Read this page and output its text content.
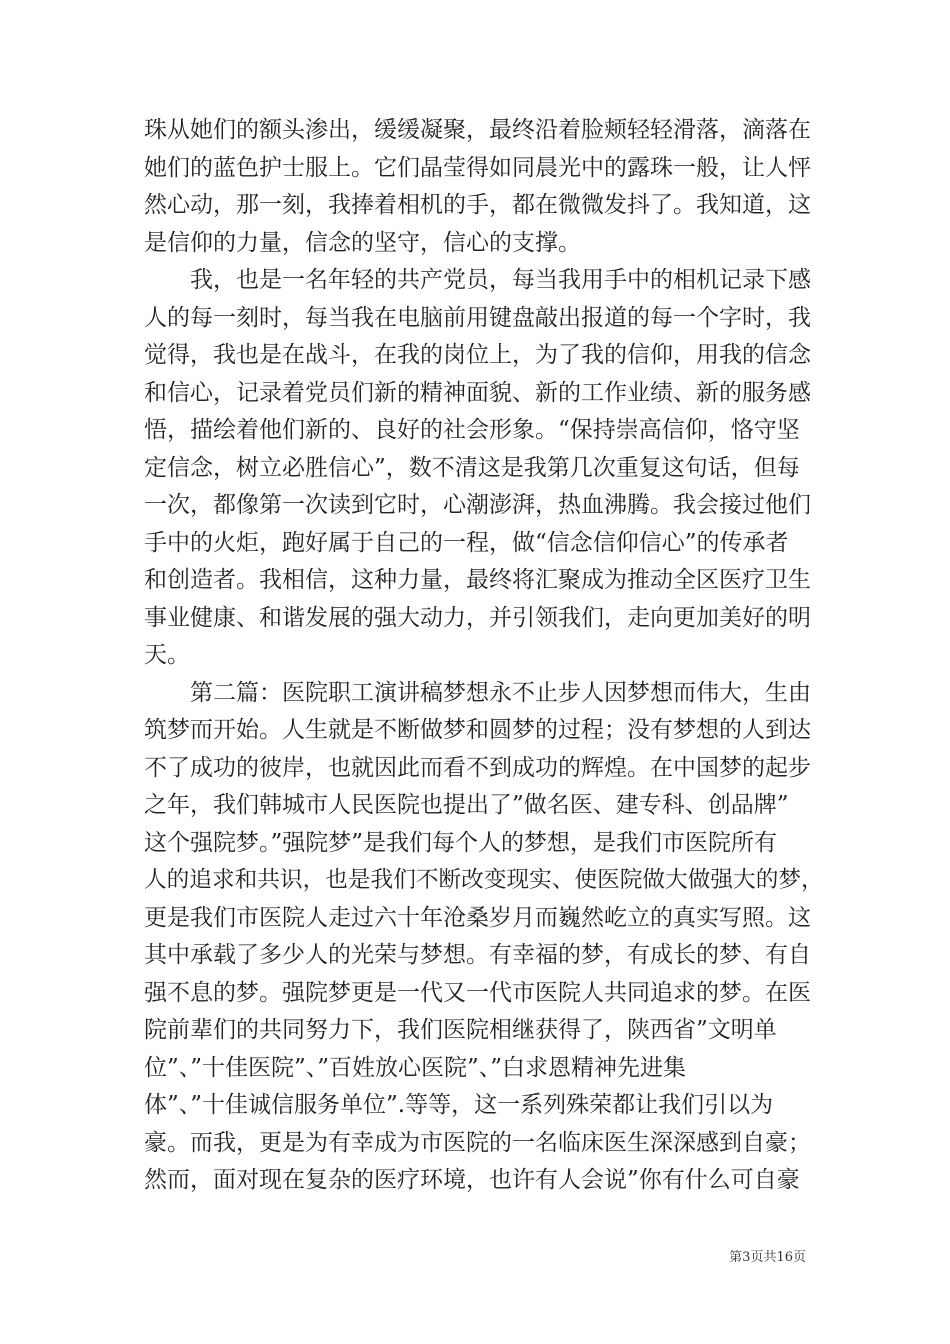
珠从她们的额头渗出，缓缓凝聚，最终沿着脸颊轻轻滑落，滴落在
她们的蓝色护士服上。它们晶莹得如同晨光中的露珠一般，让人怦
然心动，那一刻，我捧着相机的手，都在微微发抖了。我知道，这
是信仰的力量，信念的坚守，信心的支撑。
　　我，也是一名年轻的共产党员，每当我用手中的相机记录下感
人的每一刻时，每当我在电脑前用键盘敲出报道的每一个字时，我
觉得，我也是在战斗，在我的岗位上，为了我的信仰，用我的信念
和信心，记录着党员们新的精神面貌、新的工作业绩、新的服务感
悟，描绘着他们新的、良好的社会形象。“保持崇高信仰，恪守坚
定信念，树立必胜信心”，数不清这是我第几次重复这句话，但每
一次，都像第一次读到它时，心潮澎湃，热血沸腾。我会接过他们
手中的火炬，跑好属于自己的一程，做“信念信仰信心”的传承者
和创造者。我相信，这种力量，最终将汇聚成为推动全区医疗卫生
事业健康、和谐发展的强大动力，并引领我们，走向更加美好的明
天。
　　第二篇：医院职工演讲稿梦想永不止步人因梦想而伟大，生由
筑梦而开始。人生就是不断做梦和圆梦的过程；没有梦想的人到达
不了成功的彼岸，也就因此而看不到成功的辉煌。在中国梦的起步
之年，我们韩城市人民医院也提出了”做名医、建专科、创品牌”
这个强院梦。”强院梦”是我们每个人的梦想，是我们市医院所有
人的追求和共识，也是我们不断改变现实、使医院做大做强大的梦，
更是我们市医院人走过六十年沧桑岁月而巍然屹立的真实写照。这
其中承载了多少人的光荣与梦想。有幸福的梦，有成长的梦、有自
强不息的梦。强院梦更是一代又一代市医院人共同追求的梦。在医
院前辈们的共同努力下，我们医院相继获得了，陕西省”文明单
位”、”十佳医院”、”百姓放心医院”、”白求恩精神先进集
体”、”十佳诚信服务单位”.等等，这一系列殊荣都让我们引以为
豪。而我，更是为有幸成为市医院的一名临床医生深深感到自豪；
然而，面对现在复杂的医疗环境，也许有人会说”你有什么可自豪
第3页共16页
